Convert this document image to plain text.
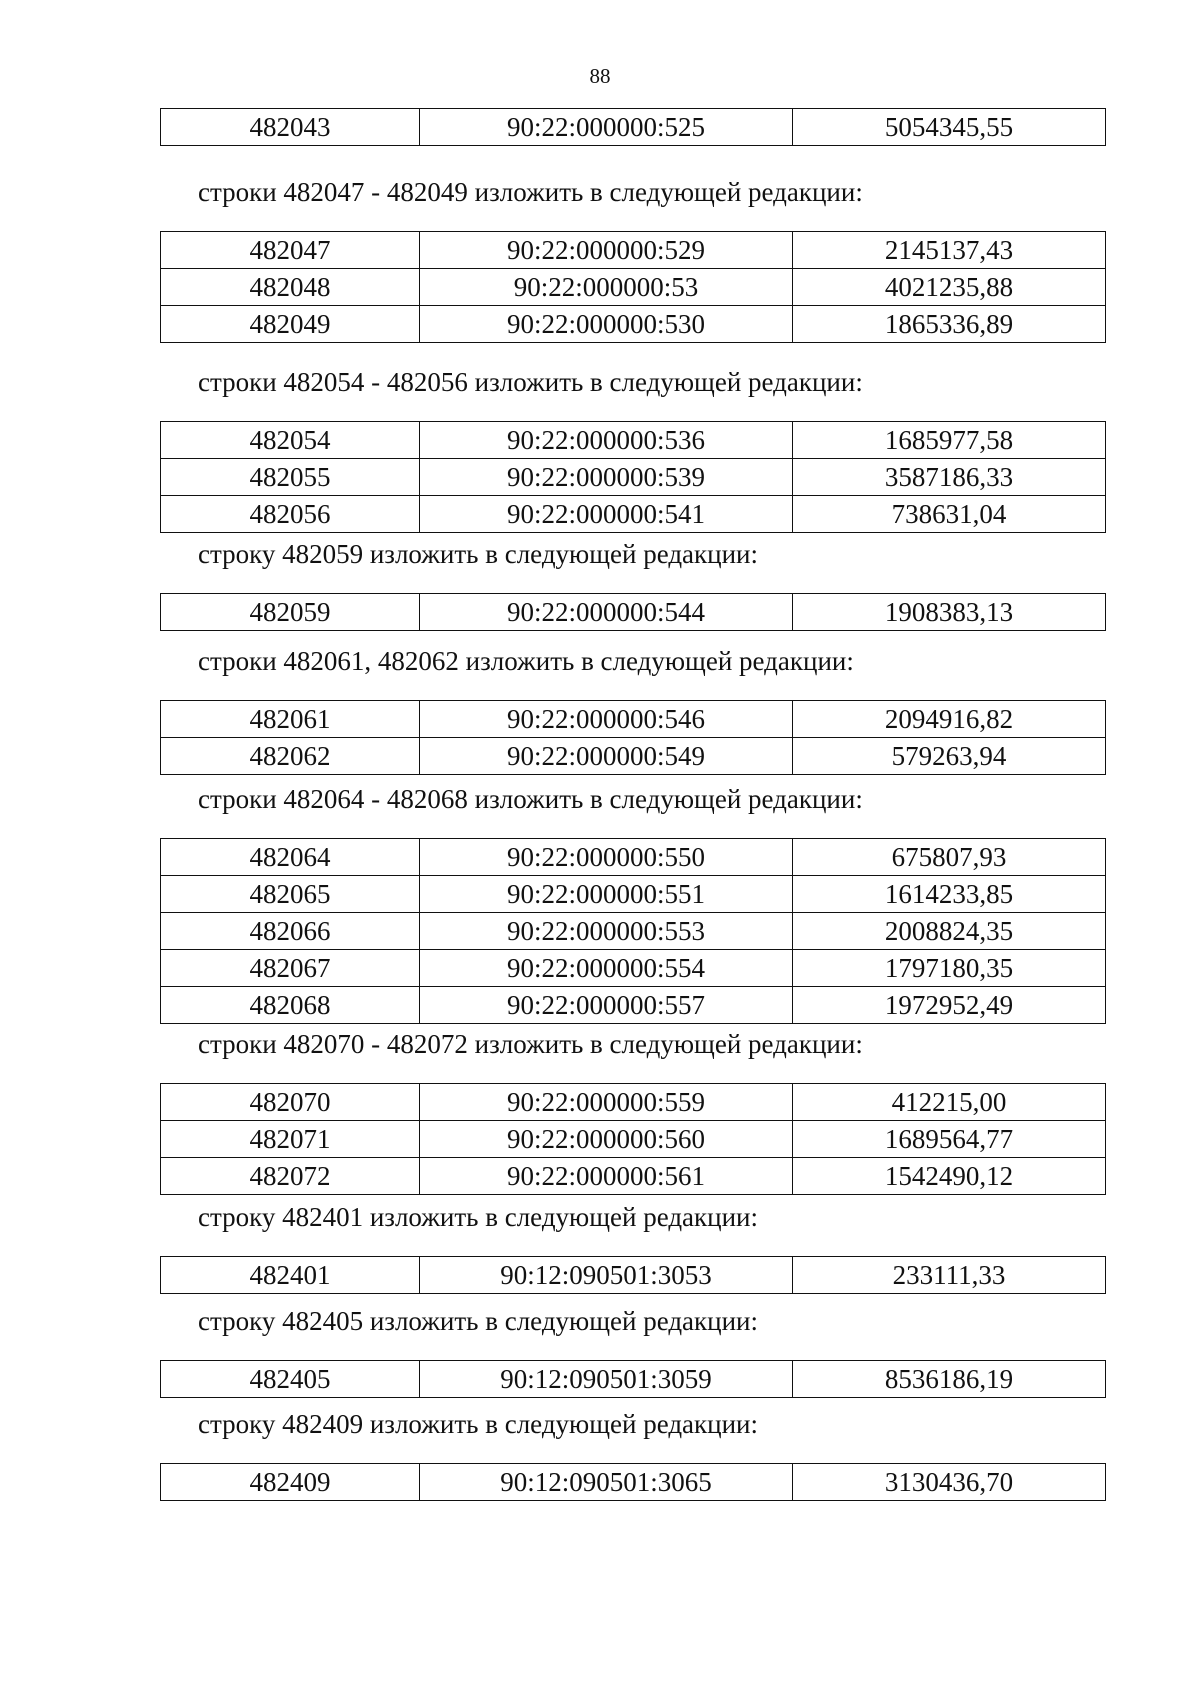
88
482043	90:22:000000:525	5054345,55
строки 482047 - 482049 изложить в следующей редакции:
482047	90:22:000000:529	2145137,43
482048	90:22:000000:53	4021235,88
482049	90:22:000000:530	1865336,89
строки 482054 - 482056 изложить в следующей редакции:
482054	90:22:000000:536	1685977,58
482055	90:22:000000:539	3587186,33
482056	90:22:000000:541	738631,04
строку 482059 изложить в следующей редакции:
482059	90:22:000000:544	1908383,13
строки 482061, 482062 изложить в следующей редакции:
482061	90:22:000000:546	2094916,82
482062	90:22:000000:549	579263,94
строки 482064 - 482068 изложить в следующей редакции:
482064	90:22:000000:550	675807,93
482065	90:22:000000:551	1614233,85
482066	90:22:000000:553	2008824,35
482067	90:22:000000:554	1797180,35
482068	90:22:000000:557	1972952,49
строки 482070 - 482072 изложить в следующей редакции:
482070	90:22:000000:559	412215,00
482071	90:22:000000:560	1689564,77
482072	90:22:000000:561	1542490,12
строку 482401 изложить в следующей редакции:
482401	90:12:090501:3053	233111,33
строку 482405 изложить в следующей редакции:
482405	90:12:090501:3059	8536186,19
строку 482409 изложить в следующей редакции:
482409	90:12:090501:3065	3130436,70
